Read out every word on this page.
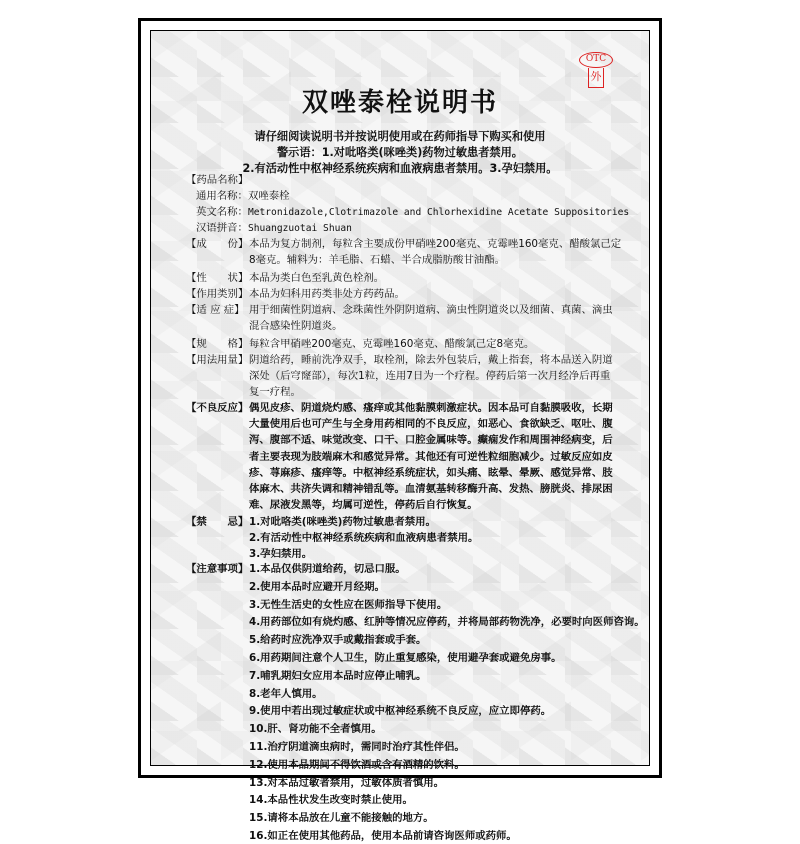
OTC
外
双唑泰栓说明书
请仔细阅读说明书并按说明使用或在药师指导下购买和使用
警示语：1.对吡咯类(咪唑类)药物过敏患者禁用。
2.有活动性中枢神经系统疾病和血液病患者禁用。3.孕妇禁用。
【药品名称】
通用名称：双唑泰栓
英文名称：Metronidazole,Clotrimazole and Chlorhexidine Acetate Suppositories
汉语拼音：Shuangzuotai Shuan
【成　　份】 本品为复方制剂，每粒含主要成份甲硝唑200毫克、克霉唑160毫克、醋酸氯己定
8毫克。辅料为：羊毛脂、石蜡、半合成脂肪酸甘油酯。
【性　　状】 本品为类白色至乳黄色栓剂。
【作用类别】 本品为妇科用药类非处方药药品。
【适 应 症】 用于细菌性阴道病、念珠菌性外阴阴道病、滴虫性阴道炎以及细菌、真菌、滴虫
混合感染性阴道炎。
【规　　格】 每粒含甲硝唑200毫克、克霉唑160毫克、醋酸氯己定8毫克。
【用法用量】 阴道给药，睡前洗净双手，取栓剂，除去外包装后，戴上指套，将本品送入阴道
深处（后穹窿部），每次1粒，连用7日为一个疗程。停药后第一次月经净后再重
复一疗程。
【不良反应】 偶见皮疹、阴道烧灼感、瘙痒或其他黏膜刺激症状。因本品可自黏膜吸收，长期
大量使用后也可产生与全身用药相同的不良反应，如恶心、食欲缺乏、呕吐、腹
泻、腹部不适、味觉改变、口干、口腔金属味等。癫痫发作和周围神经病变，后
者主要表现为肢端麻木和感觉异常。其他还有可逆性粒细胞减少。过敏反应如皮
疹、荨麻疹、瘙痒等。中枢神经系统症状，如头痛、眩晕、晕厥、感觉异常、肢
体麻木、共济失调和精神错乱等。血清氨基转移酶升高、发热、膀胱炎、排尿困
难、尿液发黑等，均属可逆性，停药后自行恢复。
【禁　　忌】 1.对吡咯类(咪唑类)药物过敏患者禁用。
2.有活动性中枢神经系统疾病和血液病患者禁用。
3.孕妇禁用。
【注意事项】 1.本品仅供阴道给药，切忌口服。
2.使用本品时应避开月经期。
3.无性生活史的女性应在医师指导下使用。
4.用药部位如有烧灼感、红肿等情况应停药，并将局部药物洗净，必要时向医师咨询。
5.给药时应洗净双手或戴指套或手套。
6.用药期间注意个人卫生，防止重复感染，使用避孕套或避免房事。
7.哺乳期妇女应用本品时应停止哺乳。
8.老年人慎用。
9.使用中若出现过敏症状或中枢神经系统不良反应，应立即停药。
10.肝、肾功能不全者慎用。
11.治疗阴道滴虫病时，需同时治疗其性伴侣。
12.使用本品期间不得饮酒或含有酒精的饮料。
13.对本品过敏者禁用，过敏体质者慎用。
14.本品性状发生改变时禁止使用。
15.请将本品放在儿童不能接触的地方。
16.如正在使用其他药品，使用本品前请咨询医师或药师。
